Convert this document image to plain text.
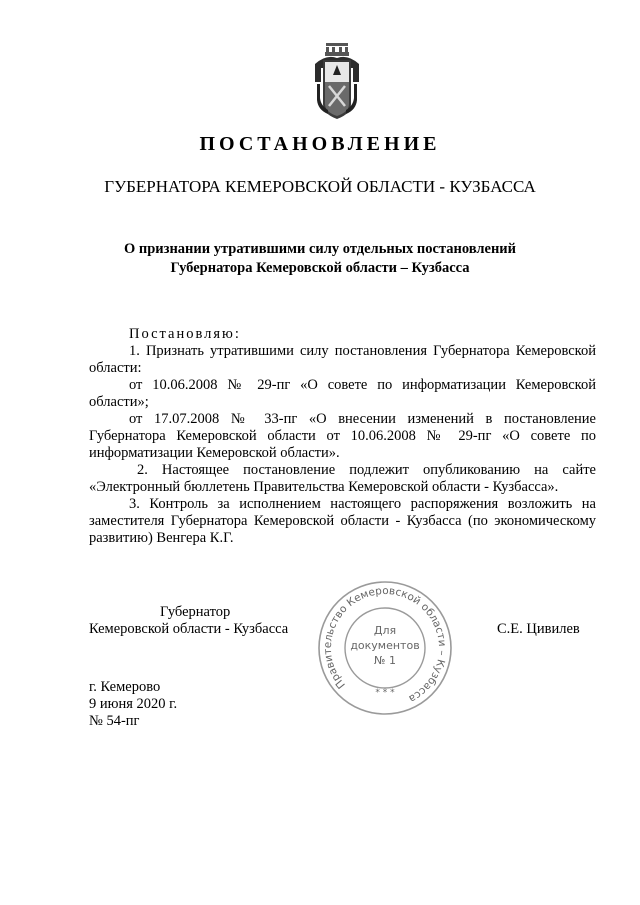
ПОСТАНОВЛЕНИЕ
ГУБЕРНАТОРА КЕМЕРОВСКОЙ ОБЛАСТИ - КУЗБАССА
О признании утратившими силу отдельных постановлений
Губернатора Кемеровской области – Кузбасса

Постановляю:

1. Признать утратившими силу постановления Губернатора Кемеровской области:

от 10.06.2008 № 29-пг «О совете по информатизации Кемеровской области»;

от 17.07.2008 № 33-пг «О внесении изменений в постановление Губернатора Кемеровской области от 10.06.2008 № 29-пг «О совете по информатизации Кемеровской области».

2. Настоящее постановление подлежит опубликованию на сайте «Электронный бюллетень Правительства Кемеровской области - Кузбасса».

3. Контроль за исполнением настоящего распоряжения возложить на заместителя Губернатора Кемеровской области - Кузбасса (по экономическому развитию) Венгера К.Г.

Губернатор
Кемеровской области - Кузбасса	С.Е. Цивилев
Правительство Кемеровской области – Кузбасса
* * *
Для
документов
№ 1
г. Кемерово
9 июня 2020 г.
№ 54-пг
